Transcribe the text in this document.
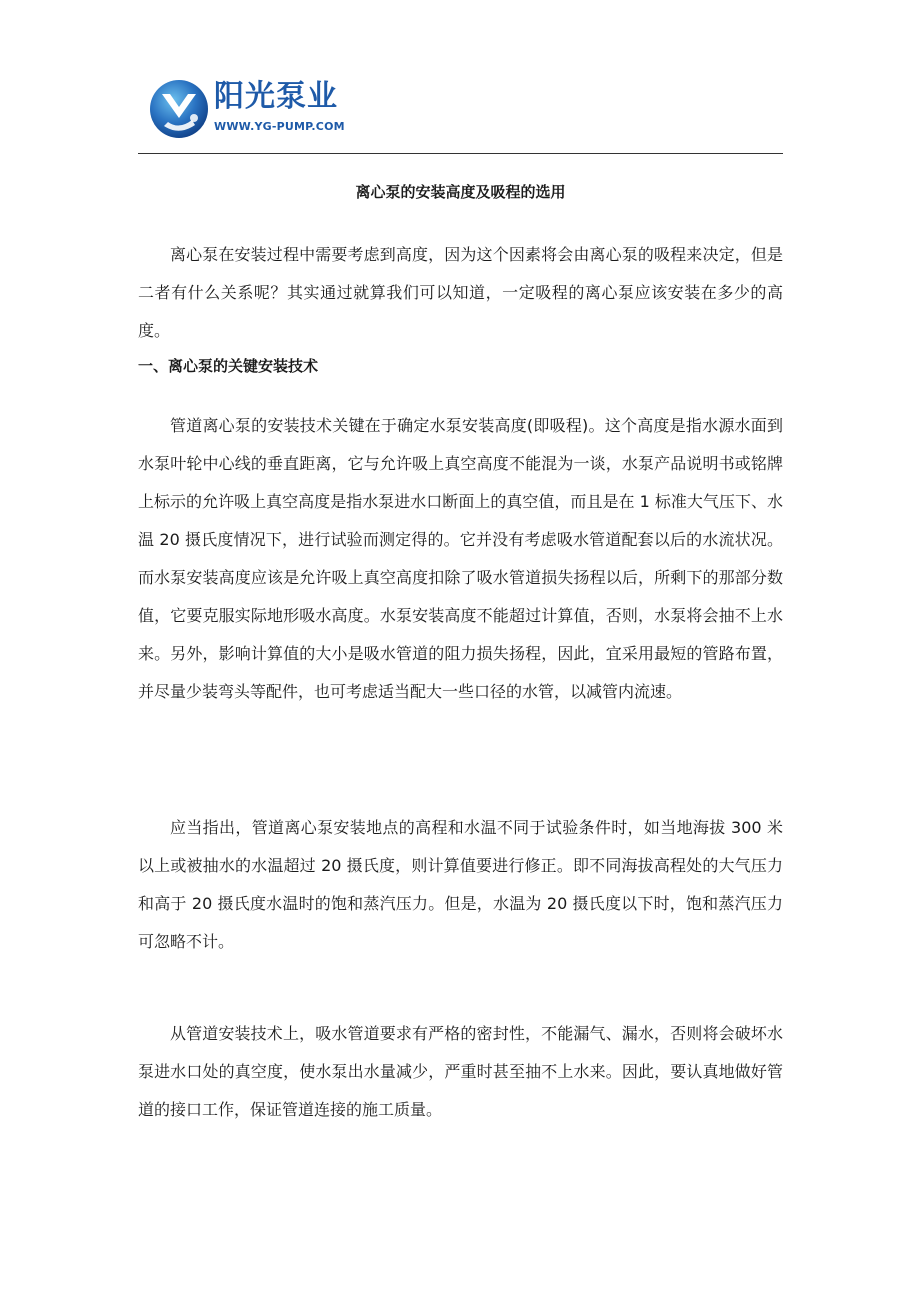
阳光泵业
WWW.YG-PUMP.COM
离心泵的安装高度及吸程的选用

离心泵在安装过程中需要考虑到高度，因为这个因素将会由离心泵的吸程来决定，但是二者有什么关系呢？其实通过就算我们可以知道，一定吸程的离心泵应该安装在多少的高度。

一、离心泵的关键安装技术

管道离心泵的安装技术关键在于确定水泵安装高度(即吸程)。这个高度是指水源水面到水泵叶轮中心线的垂直距离，它与允许吸上真空高度不能混为一谈，水泵产品说明书或铭牌上标示的允许吸上真空高度是指水泵进水口断面上的真空值，而且是在 1 标准大气压下、水温 20 摄氏度情况下，进行试验而测定得的。它并没有考虑吸水管道配套以后的水流状况。而水泵安装高度应该是允许吸上真空高度扣除了吸水管道损失扬程以后，所剩下的那部分数值，它要克服实际地形吸水高度。水泵安装高度不能超过计算值，否则，水泵将会抽不上水来。另外，影响计算值的大小是吸水管道的阻力损失扬程，因此，宜采用最短的管路布置，并尽量少装弯头等配件，也可考虑适当配大一些口径的水管，以减管内流速。

应当指出，管道离心泵安装地点的高程和水温不同于试验条件时，如当地海拔 300 米以上或被抽水的水温超过 20 摄氏度，则计算值要进行修正。即不同海拔高程处的大气压力和高于 20 摄氏度水温时的饱和蒸汽压力。但是，水温为 20 摄氏度以下时，饱和蒸汽压力可忽略不计。

从管道安装技术上，吸水管道要求有严格的密封性，不能漏气、漏水，否则将会破坏水泵进水口处的真空度，使水泵出水量减少，严重时甚至抽不上水来。因此，要认真地做好管道的接口工作，保证管道连接的施工质量。
